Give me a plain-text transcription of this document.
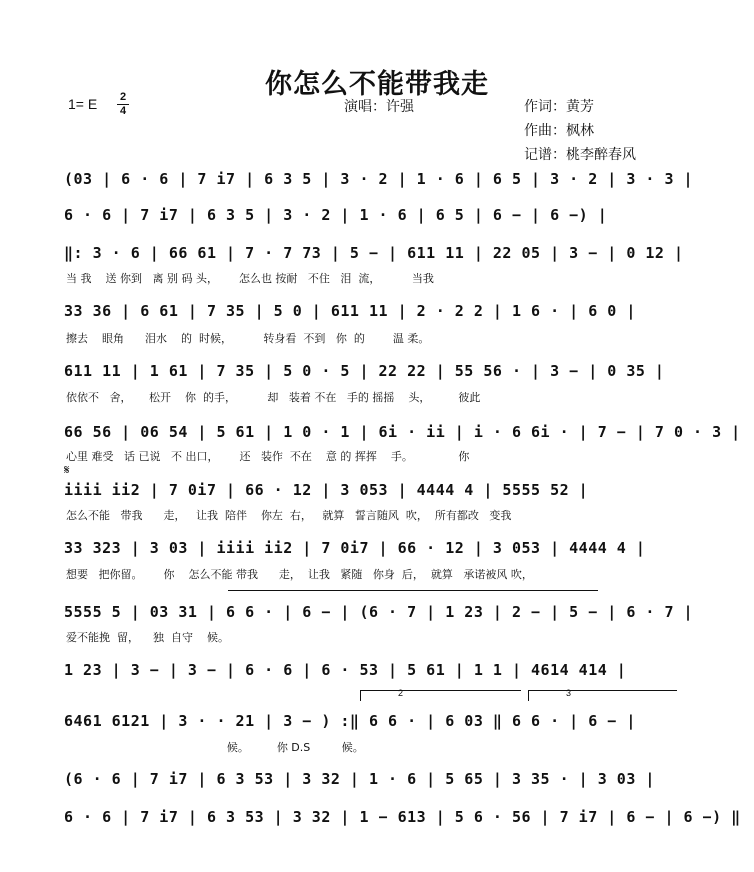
你怎么不能带我走
1= E 2
4	演唱：许强	作词：黄芳
作曲：枫林
记谱：桃李醉春风
(03 | 6 · 6 | 7 i7 | 6 3 5 | 3 · 2 | 1 · 6 | 6 5 | 3 · 2 | 3 · 3 |
6 · 6 | 7 i7 | 6 3 5 | 3 · 2 | 1 · 6 | 6 5 | 6 − | 6 −) |
‖: 3 · 6 | 66 61 | 7 · 7 73 | 5 − | 611 11 | 22 05 | 3 − | 0 12 |
当 我    送 你到   离 别 码 头，      怎么也 按耐   不住   泪  流，         当我
33 36 | 6 61 | 7 35 | 5 0 | 611 11 | 2 · 2 2 | 1 6 · | 6 0 |
擦去    眼角      泪水    的  时候，         转身看  不到   你  的        温 柔。
611 11 | 1 61 | 7 35 | 5 0 · 5 | 22 22 | 55 56 · | 3 − | 0 35 |
依依不   舍，     松开    你  的手，         却   装着 不在   手的 摇摇    头，        彼此
66 56 | 06 54 | 5 61 | 1 0 · 1 | 6i · ii | i · 6 6i · | 7 − | 7 0 · 3 |
心里 难受   话 已说   不 出口，      还   装作  不在    意 的 挥挥    手。             你
𝄋
iiii ii2 | 7 0i7 | 66 · 12 | 3 053 | 4444 4 | 5555 52 |
怎么不能   带我      走，   让我  陪伴    你左  右，   就算   誓言随风  吹，  所有都改   变我
33 323 | 3 03 | iiii ii2 | 7 0i7 | 66 · 12 | 3 053 | 4444 4 |
想要   把你留。      你    怎么不能 带我      走，  让我   紧随   你身  后，  就算   承诺被风 吹，
5555 5 | 03 31 | 6 6 · | 6 − | (6 · 7 | 1 23 | 2 − | 5 − | 6 · 7 |
爱不能挽  留，    独  自守    候。
1 23 | 3 − | 3 − | 6 · 6 | 6 · 53 | 5 61 | 1 1 | 4614 414 |
2	3
6461 6121 | 3 · · 21 | 3 − ) :‖ 6 6 · | 6 03 ‖ 6 6 · | 6 − |
候。        你 D.S         候。
(6 · 6 | 7 i7 | 6 3 53 | 3 32 | 1 · 6 | 5 65 | 3 35 · | 3 03 |
6 · 6 | 7 i7 | 6 3 53 | 3 32 | 1 − 613 | 5 6 · 56 | 7 i7 | 6 − | 6 −) ‖
